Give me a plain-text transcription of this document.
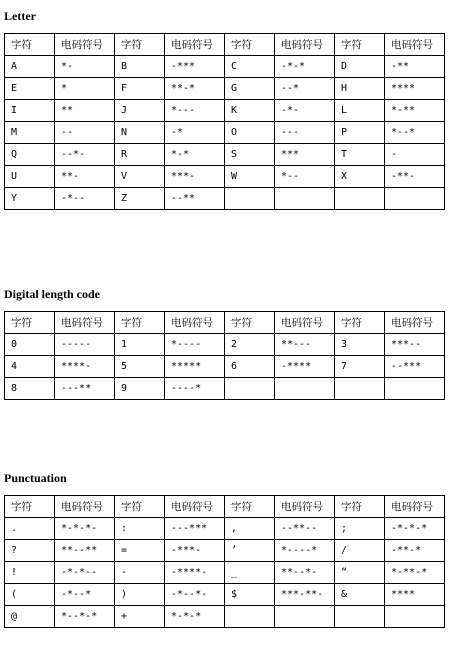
Letter
字符	电码符号	字符	电码符号	字符	电码符号	字符	电码符号
A	*-	B	-***	C	-*-*	D	-**
E	*	F	**-*	G	--*	H	****
I	**	J	*---	K	-*-	L	*-**
M	--	N	-*	O	---	P	*--*
Q	--*-	R	*-*	S	***	T	-
U	**-	V	***-	W	*--	X	-**-
Y	-*--	Z	--**				
Digital length code
字符	电码符号	字符	电码符号	字符	电码符号	字符	电码符号
0	-----	1	*----	2	**---	3	***--
4	****-	5	*****	6	-****	7	--***
8	---**	9	----*				
Punctuation
字符	电码符号	字符	电码符号	字符	电码符号	字符	电码符号
.	*-*-*-	:	---***	,	--**--	;	-*-*-*
?	**--**	=	-***-	’	*----*	/	-**-*
!	-*-*--	-	-****-	_	**--*-	“	*-**-*
(	-*--*	)	-*--*-	$	***-**-	&	****
@	*--*-*	+	*-*-*				
